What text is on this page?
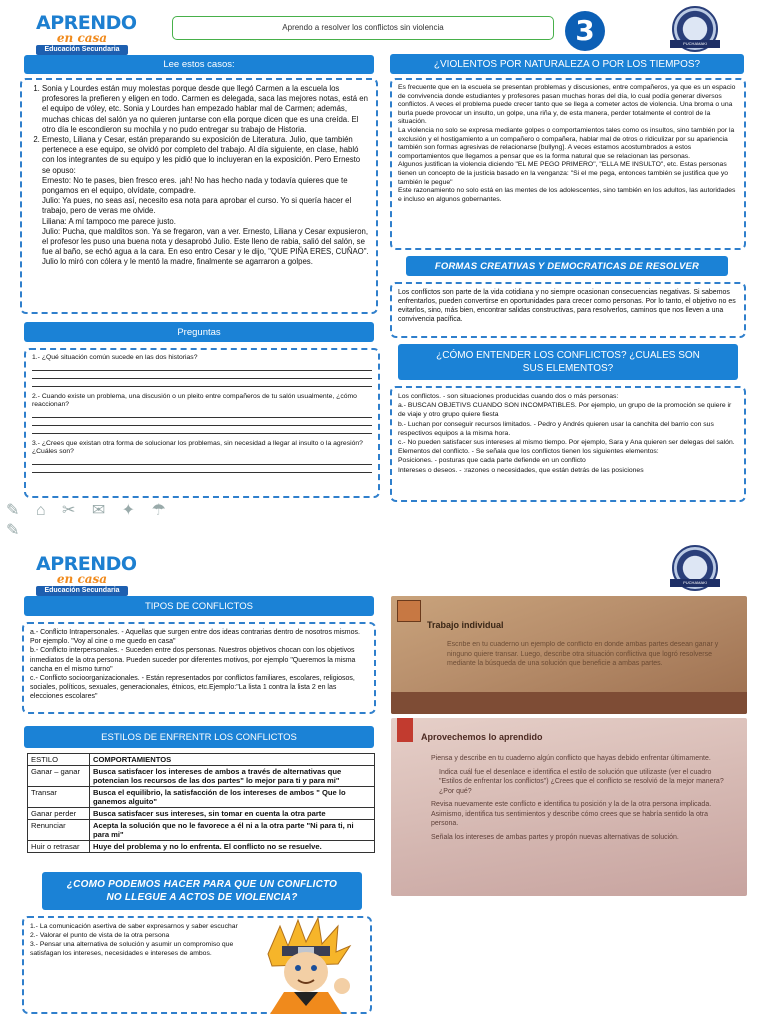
APRENDO
en casa
Educación Secundaria
Aprendo a resolver los conflictos sin violencia	3	PUCHAMAKI
Lee estos casos:
1. Sonia y Lourdes están muy molestas porque desde que llegó Carmen a la escuela los profesores la prefieren y eligen en todo. Carmen es delegada, saca las mejores notas, está en el equipo de vóley, etc. Sonia y Lourdes han empezado hablar mal de Carmen; además, muchas chicas del salón ya no quieren juntarse con ella porque dicen que es una creída. El otro día le escondieron su mochila y no pudo entregar su trabajo de Historia.
2. Ernesto, Liliana y Cesar, están preparando su exposición de Literatura. Julio, que también pertenece a ese equipo, se olvidó por completo del trabajo. Al día siguiente, en clase, habló con los integrantes de su equipo y les pidió que lo incluyeran en la exposición. Pero Ernesto se opuso:
Ernesto: No te pases, bien fresco eres. ¡ah! No has hecho nada y todavía quieres que te pongamos en el equipo, olvídate, compadre.
Julio: Ya pues, no seas así, necesito esa nota para aprobar el curso. Yo si quería hacer el trabajo, pero de veras me olvide.
Liliana: A mí tampoco me parece justo.
Julio: Pucha, que malditos son. Ya se fregaron, van a ver. Ernesto, Liliana y Cesar expusieron, el profesor les puso una buena nota y desaprobó Julio. Este lleno de rabia, salió del salón, se fue al baño, se echó agua a la cara. En eso entro Cesar y le dijo, "QUE PIÑA ERES, CUÑAO". Julio lo miró con cólera y le mentó la madre, finalmente se agarraron a golpes.
Preguntas

1.- ¿Qué situación común sucede en las dos historias?

2.- Cuando existe un problema, una discusión o un pleito entre compañeros de tu salón usualmente, ¿cómo reaccionan?

3.- ¿Crees que existan otra forma de solucionar los problemas, sin necesidad a llegar al insulto o la agresión? ¿Cuáles son?

✎ ⌂ ✂ ✉ ✦ ☂ ✎
¿VIOLENTOS POR NATURALEZA O POR LOS TIEMPOS?

Es frecuente que en la escuela se presentan problemas y discusiones, entre compañeros, ya que es un espacio de convivencia donde estudiantes y profesores pasan muchas horas del día, lo cual podía generar diversos conflictos. A veces el problema puede crecer tanto que se llega a cometer actos de violencia. Una broma o una burla puede provocar un insulto, un golpe, una riña y, de esta manera, perder totalmente el control de la situación.

La violencia no solo se expresa mediante golpes o comportamientos tales como os insultos, sino también por la exclusión y el hostigamiento a un compañero o compañera, hablar mal de otros o ridiculizar por su apariencia también son formas agresivas de relacionarse [bullyng]. A veces estamos acostumbrados a estos comportamientos que llegamos a pensar que es la forma natural que se relacionan las personas.

Algunos justifican la violencia diciendo "EL ME PEGO PRIMERO", "ELLA ME INSULTO", etc. Estas personas tienen un concepto de la justicia basado en la venganza: "Si el me pega, entonces también se justifica que yo también le pegue"

Este razonamiento no solo está en las mentes de los adolescentes, sino también en los adultos, las autoridades e incluso en algunos gobernantes.

FORMAS CREATIVAS Y DEMOCRATICAS DE RESOLVER

Los conflictos son parte de la vida cotidiana y no siempre ocasionan consecuencias negativas. Si sabemos enfrentarlos, pueden convertirse en oportunidades para crecer como personas. Por lo tanto, el objetivo no es evitarlos, sino, más bien, encontrar salidas constructivas, para resolverlos, caminos que nos lleven a una convivencia pacífica.

¿CÓMO ENTENDER LOS CONFLICTOS? ¿CUALES SON SUS ELEMENTOS?

Los conflictos. - son situaciones producidas cuando dos o más personas:

a.- BUSCAN OBJETIVS CUANDO SON INCOMPATIBLES. Por ejemplo, un grupo de la promoción se quiere ir de viaje y otro grupo quiere fiesta

b.- Luchan por conseguir recursos limitados. - Pedro y Andrés quieren usar la canchita del barrio con sus respectivos equipos a la misma hora.

c.- No pueden satisfacer sus intereses al mismo tiempo. Por ejemplo, Sara y Ana quieren ser delegas del salón.

Elementos del conflicto. - Se señala que los conflictos tienen los siguientes elementos:

Posiciones. - posturas que cada parte defiende en un conflicto

Intereses o deseos. - :razones o necesidades, que están detrás de las posiciones

APRENDO
en casa
Educación Secundaria
PUCHAMAKI
TIPOS DE CONFLICTOS

a.- Conflicto Intrapersonales. - Aquellas que surgen entre dos ideas contrarias dentro de nosotros mismos. Por ejemplo. "Voy al cine o me quedo en casa"

b.- Conflicto interpersonales. - Suceden entre dos personas. Nuestros objetivos chocan con los objetivos inmediatos de la otra persona. Pueden suceder por diferentes motivos, por ejemplo "Queremos la misma cancha en el mismo turno"

c.- Conflicto socioorganizacionales. - Están representados por conflictos familiares, escolares, religiosos, sociales, políticos, sexuales, generacionales, étnicos, etc.Ejemplo:"La lista 1 contra la lista 2 en las elecciones escolares"

ESTILOS DE ENFRENTR LOS CONFLICTOS
ESTILO	COMPORTAMIENTOS
Ganar – ganar	Busca satisfacer los intereses de ambos a través de alternativas que potencian los recursos de las dos partes" lo mejor para ti y para mi"
Transar	Busca el equilibrio, la satisfacción de los intereses de ambos " Que lo ganemos alguito"
Ganar perder	Busca satisfacer sus intereses, sin tomar en cuenta la otra parte
Renunciar	Acepta la solución que no le favorece a él ni a la otra parte "Ni para ti, ni para mi"
Huir o retrasar	Huye del problema y no lo enfrenta. El conflicto no se resuelve.
¿COMO PODEMOS HACER PARA QUE UN CONFLICTO NO LLEGUE A ACTOS DE VIOLENCIA?

1.- La comunicación asertiva de saber expresarnos y saber escuchar

2.- Valorar el punto de vista de la otra persona

3.- Pensar una alternativa de solución y asumir un compromiso que satisfagan los intereses, necesidades e intereses de ambos.

Trabajo individual
Escribe en tu cuaderno un ejemplo de conflicto en donde ambas partes desean ganar y ninguno quiere transar. Luego, describe otra situación conflictiva que logró resolverse mediante la búsqueda de una solución que beneficie a ambas partes.
Aprovechemos lo aprendido

Piensa y describe en tu cuaderno algún conflicto que hayas debido enfrentar últimamente.

Indica cuál fue el desenlace e identifica el estilo de solución que utilizaste (ver el cuadro "Estilos de enfrentar los conflictos") ¿Crees que el conflicto se resolvió de la mejor manera? ¿Por qué?

Revisa nuevamente este conflicto e identifica tu posición y la de la otra persona implicada. Asimismo, identifica tus sentimientos y describe cómo crees que se habría sentido la otra persona.

Señala los intereses de ambas partes y propón nuevas alternativas de solución.
